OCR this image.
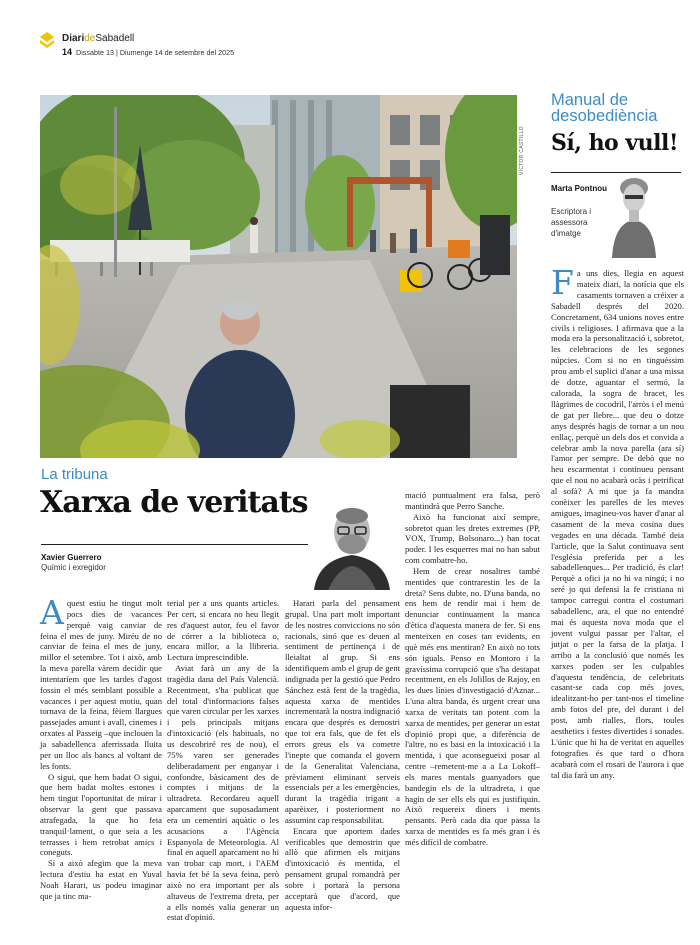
DiarideSabadell
14 Dissabte 13 | Diumenge 14 de setembre del 2025
VÍCTOR CASTILLO
Manual de desobediència
Sí, ho vull!
Marta Pontnou
Escriptora i assessora d'imatge

Fa uns dies, llegia en aquest mateix diari, la notícia que els casaments tornaven a créixer a Sabadell després del 2020. Concretament, 634 unions noves entre civils i religioses. I afirmava que a la moda era la personalització i, sobretot, les celebracions de les segones núpcies. Com si no en tinguéssim prou amb el suplici d'anar a una missa de dotze, aguantar el sermó, la calorada, la sogra de bracet, les llàgrimes de cocodril, l'arròs i el menú de gat per llebre... que deu o dotze anys després hagis de tornar a un nou enllaç, perquè un dels dos et convida a celebrar amb la nova parella (ara sí) l'amor per sempre. De debò que no heu escarmentat i continueu pensant que el nou no acabarà ocàs i petrificat al sofà? A mi que ja fa mandra conèixer les parelles de les meves amigues, imagineu-vos haver d'anar al casament de la meva cosina dues vegades en una dècada. També deia l'article, que la Salut continuava sent l'església preferida per a les sabadellenques... Per tradició, és clar! Perquè a ofici ja no hi va ningú; i no seré jo qui defensi la fe cristiana ni tampoc carregui contra el costumari sabadellenc, ara, el que no entendré mai és aquesta nova moda que el jovent vulgui passar per l'altar, el jutjat o per la farsa de la platja. I arribo a la conclusió que només les xarxes poden ser les culpables d'aquesta tendència, de celebritats casant-se cada cop més joves, idealitzant-ho per tant-nos el timeline amb fotos del pre, del durant i del post, amb rialles, flors, toules aesthetics i festes divertides i sonades. L'únic que hi ha de veritat en aquelles fotografies és que tard o d'hora acabarà com el rosari de l'aurora i que tal dia farà un any.

La tribuna
Xarxa de veritats
Xavier Guerrero
Químic i exregidor

Aquest estiu he tingut molt pocs dies de vacances perquè vaig canviar de feina el mes de juny. Miréu de no canviar de feina el mes de juny, millor el setembre. Tot i això, amb la meva parella vàrem decidir que intentaríem que les tardes d'agost fossin el més semblant possible a vacances i per aquest motiu, quan tornava de la feina, fèiem llargues passejades amunt i avall, cinemes i orxates al Passeig –que inclouen la ja sabadellenca aferrissada lluita per un lloc als bancs al voltant de les fonts.

O sigui, que hem badat O sigui, que hem badat moltes estones i hem tingut l'oportunitat de mirar i observar la gent que passava atrafegada, la que ho feia tranquil·lament, o que seia a les terrasses i hem retrobat amics i coneguts.

Si a això afegim que la meva lectura d'estiu ha estat en Yuval Noah Harari, us podeu imaginar que ja tinc ma-

terial per a uns quants articles. Per cert, si encara no heu llegit res d'aquest autor, feu el favor de córrer a la biblioteca o, encara millor, a la llibreria. Lectura imprescindible.

Aviat farà un any de la tragèdia dana del País Valencià. Recentment, s'ha publicat que del total d'informacions falses que varen circular per les xarxes i pels principals mitjans d'intoxicació (els habituals, no us descobriré res de nou), el 75% varen ser generades deliberadament per enganyar i confondre, bàsicament des de comptes i mitjans de la ultradreta. Recordareu aquell aparcament que suposadament era un cementiri aquàtic o les acusacions a l'Agència Espanyola de Meteorologia. Al final en aquell aparcament no hi van trobar cap mort, i l'AEM havia fet bé la seva feina, però això no era important per als altaveus de l'extrema dreta, per a ells només valia generar un estat d'opinió.

Harari parla del pensament grupal. Una part molt important de les nostres conviccions no són racionals, sinó que es deuen al sentiment de pertinença i de lleialtat al grup. Si ens identifiquem amb el grup de gent indignada per la gestió que Pedro Sánchez està fent de la tragèdia, aquesta xarxa de mentides incrementarà la nostra indignació encara que després es demostri que tot era fals, que de fet els errors greus els va cometre l'inepte que comanda el govern de la Generalitat Valenciana, prèviament eliminant serveis essencials per a les emergències, durant la tragèdia trigant a aparèixer, i posteriorment no assumint cap responsabilitat.

Encara que aportem dades verificables que demostrin que allò que afirmen els mitjans d'intoxicació és mentida, el pensament grupal romandrà per sobre i portarà la persona acceptarà que d'acord, que aquesta infor-

mació puntualment era falsa, però mantindrà que Perro Sanche.

Això ha funcionat així sempre, sobretot quan les dretes extremes (PP, VOX, Trump, Bolsonaro...) han tocat poder. I les esquerres mai no han sabut com combatre-ho.

Hem de crear nosaltres també mentides que contrarestin les de la dreta? Sens dubte, no. D'una banda, no ens hem de rendir mai i hem de denunciar continuament la manca d'ètica d'aquesta manera de fer. Si ens menteixen en coses tan evidents, en què més ens mentiran? En això no tots són iguals. Penso en Montoro i la gravíssima corrupció que s'ha destapat recentment, en els Jolillos de Rajoy, en les dues línies d'investigació d'Aznar... L'una altra banda, és urgent crear una xarxa de veritats tan potent com la xarxa de mentides, per generar un estat d'opinió propi que, a diferència de l'altre, no es basi en la intoxicació i la mentida, i que aconsegueixi posar al centre –remetent-me a a La Lokoff– els mares mentals guanyadors que bandegin els de la ultradreta, i que hagin de ser ells els qui es justifiquin. Això requereix diners i ments pensants. Però cada dia que passa la xarxa de mentides es fa més gran i és més difícil de combatre.
